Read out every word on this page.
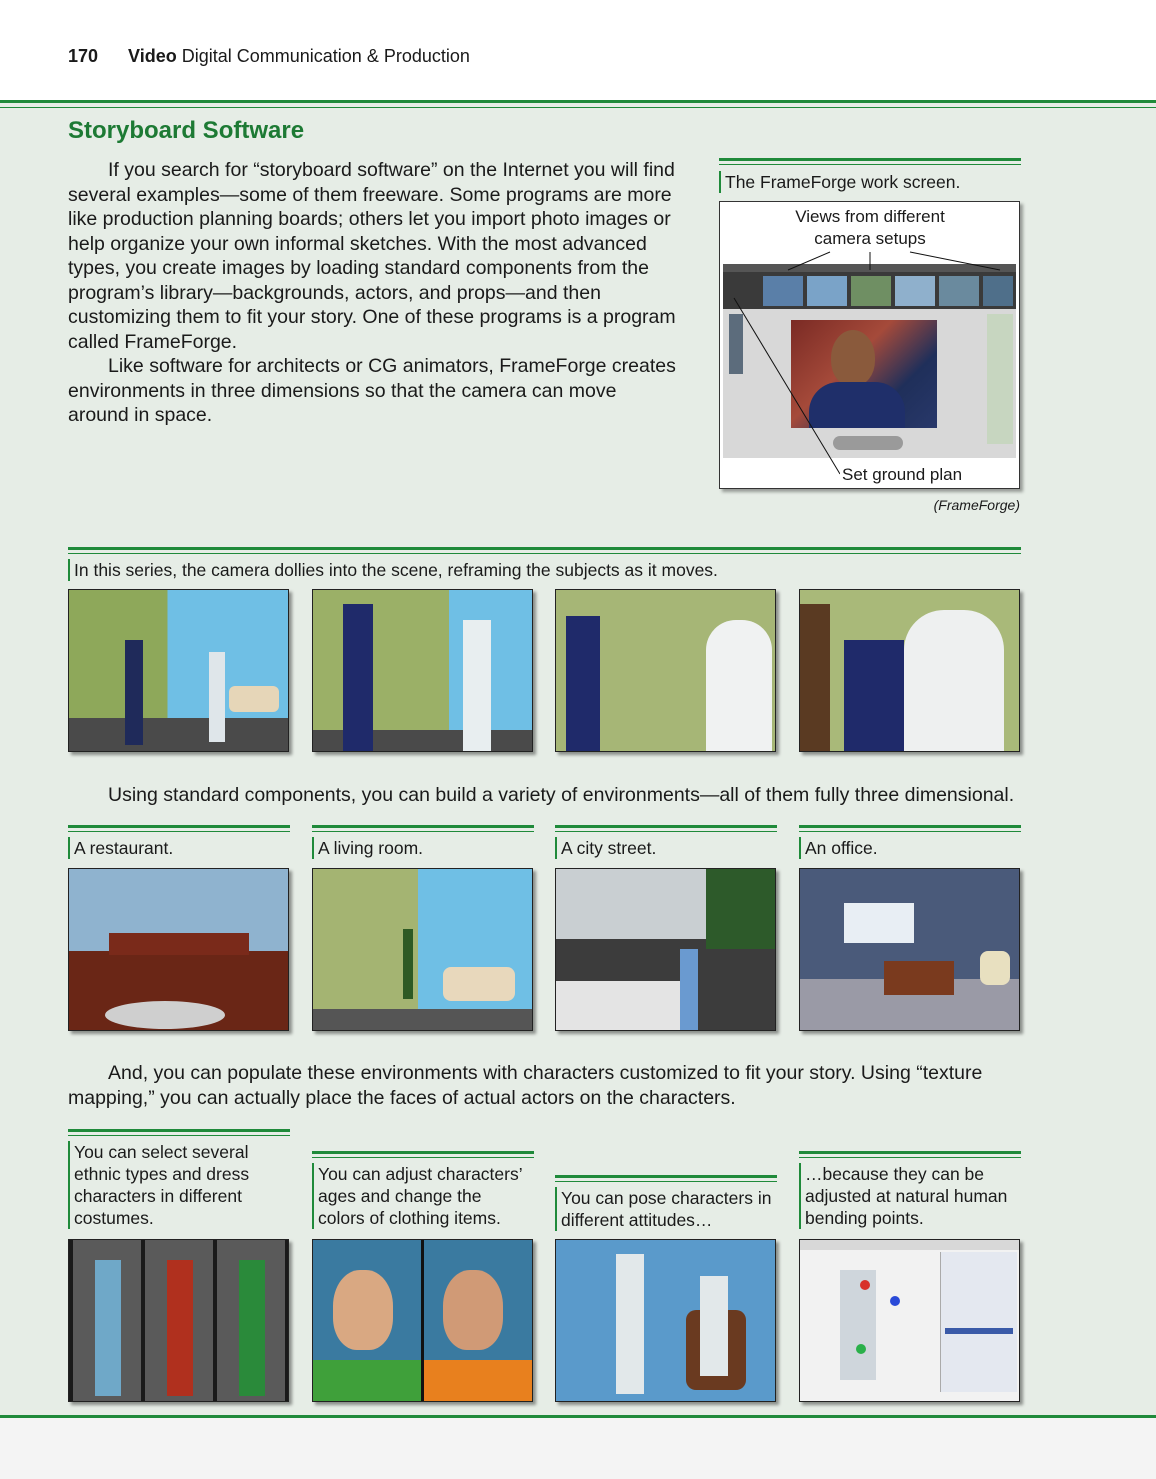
170 Video Digital Communication & Production
Storyboard Software

If you search for “storyboard software” on the Internet you will find several examples—some of them freeware. Some programs are more like production planning boards; others let you import photo images or help organize your own informal sketches. With the most advanced types, you create images by loading standard components from the program’s library—backgrounds, actors, and props—and then customizing them to fit your story. One of these programs is a program called FrameForge.

Like software for architects or CG animators, FrameForge creates environments in three dimensions so that the camera can move around in space.

The FrameForge work screen.
Views from different camera setups
Set ground plan
(FrameForge)
In this series, the camera dollies into the scene, reframing the subjects as it moves.

Using standard components, you can build a variety of environments—all of them fully three dimensional.

A restaurant.	A living room.	A city street.	An office.

And, you can populate these environments with characters customized to fit your story. Using “texture mapping,” you can actually place the faces of actual actors on the characters.

You can select several ethnic types and dress characters in different costumes.
You can adjust characters’ ages and change the colors of clothing items.
You can pose characters in different attitudes…
…because they can be adjusted at natural human bending points.
